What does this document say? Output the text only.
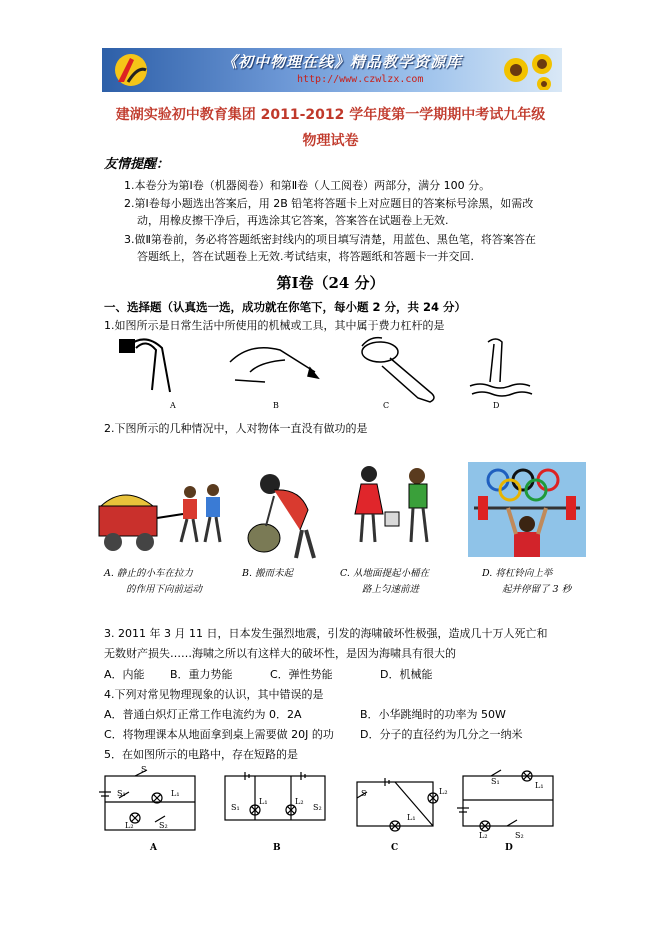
《初中物理在线》精品教学资源库
http://www.czwlzx.com
建湖实验初中教育集团 2011-2012 学年度第一学期期中考试九年级
物理试卷
友情提醒：
1.本卷分为第Ⅰ卷（机器阅卷）和第Ⅱ卷（人工阅卷）两部分，满分 100 分。
2.第Ⅰ卷每小题选出答案后，用 2B 铅笔将答题卡上对应题目的答案标号涂黑，如需改
动，用橡皮擦干净后，再选涂其它答案，答案答在试题卷上无效.
3.做Ⅱ第卷前，务必将答题纸密封线内的项目填写清楚，用蓝色、黑色笔，将答案答在
答题纸上，答在试题卷上无效.考试结束，将答题纸和答题卡一并交回.
第Ⅰ卷（24 分）
一、选择题（认真选一选，成功就在你笔下，每小题 2 分，共 24 分）
1.如图所示是日常生活中所使用的机械或工具，其中属于费力杠杆的是
A	B	C	D
2.下图所示的几种情况中，人对物体一直没有做功的是
A. 静止的小车在拉力
的作用下向前运动
B. 搬而未起	C. 从地面提起小桶在
路上匀速前进
D. 将杠铃向上举
起并停留了 3 秒
3. 2011 年 3 月 11 日，日本发生强烈地震，引发的海啸破坏性极强，造成几十万人死亡和
无数财产损失……海啸之所以有这样大的破坏性，是因为海啸具有很大的
A．内能 B．重力势能	C．弹性势能	D．机械能
4.下列对常见物理现象的认识，其中错误的是
A．普通白炽灯正常工作电流约为 0．2A	B．小华跳绳时的功率为 50W
C．将物理课本从地面拿到桌上需要做 20J 的功 D．分子的直径约为几分之一纳米
5．在如图所示的电路中，存在短路的是
S
S₁	L₁
L₂	S₂
S₁	S₂
L₁	L₂
S	L₂
L₁
S₁	L₁
L₂	S₂
A	B	C	D
